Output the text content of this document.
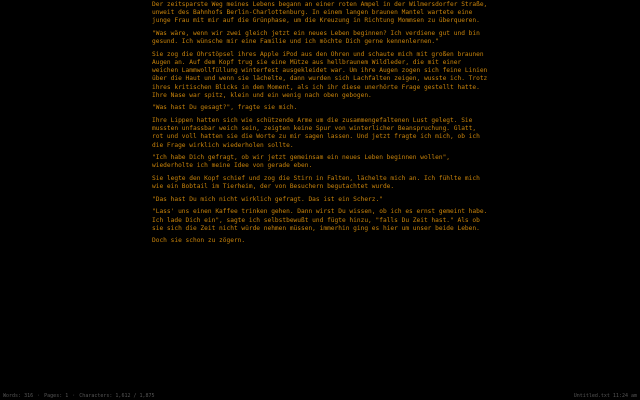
Der zeitsparste Weg meines Lebens begann an einer roten Ampel in der Wilmersdorfer Straße, unweit des Bahnhofs Berlin-Charlottenburg. In einem langen braunen Mantel wartete eine junge Frau mit mir auf die Grünphase, um die Kreuzung in Richtung Mommsen zu überqueren.

"Was wäre, wenn wir zwei gleich jetzt ein neues Leben beginnen? Ich verdiene gut und bin gesund. Ich wünsche mir eine Familie und ich möchte Dich gerne kennenlernen."

Sie zog die Ohrstöpsel ihres Apple iPod aus den Ohren und schaute mich mit großen braunen Augen an. Auf dem Kopf trug sie eine Mütze aus hellbraunem Wildleder, die mit einer weichen Lammwollfüllung winterfest ausgekleidet war. Um ihre Augen zogen sich feine Linien über die Haut und wenn sie lächelte, dann wurden sich Lachfalten zeigen, wusste ich. Trotz ihres kritischen Blicks in dem Moment, als ich ihr diese unerhörte Frage gestellt hatte. Ihre Nase war spitz, klein und ein wenig nach oben gebogen.

"Was hast Du gesagt?", fragte sie mich.

Ihre Lippen hatten sich wie schützende Arme um die zusammengefaltenen Lust gelegt. Sie mussten unfassbar weich sein, zeigten keine Spur von winterlicher Beanspruchung. Glatt, rot und voll hatten sie die Worte zu mir sagen lassen. Und jetzt fragte ich mich, ob ich die Frage wirklich wiederholen sollte.

"Ich habe Dich gefragt, ob wir jetzt gemeinsam ein neues Leben beginnen wollen", wiederholte ich meine Idee von gerade eben.

Sie legte den Kopf schief und zog die Stirn in Falten, lächelte mich an. Ich fühlte mich wie ein Bobtail im Tierheim, der von Besuchern begutachtet wurde.

"Das hast Du mich nicht wirklich gefragt. Das ist ein Scherz."

"Lass' uns einen Kaffee trinken gehen. Dann wirst Du wissen, ob ich es ernst gemeint habe. Ich lade Dich ein", sagte ich selbstbewußt und fügte hinzu, "falls Du Zeit hast." Als ob sie sich die Zeit nicht würde nehmen müssen, immerhin ging es hier um unser beide Leben.

Doch sie schon zu zögern.

Words: 316 · Pages: 1 · Characters: 1,612 / 1,875	Untitled.txt 11:24 am
